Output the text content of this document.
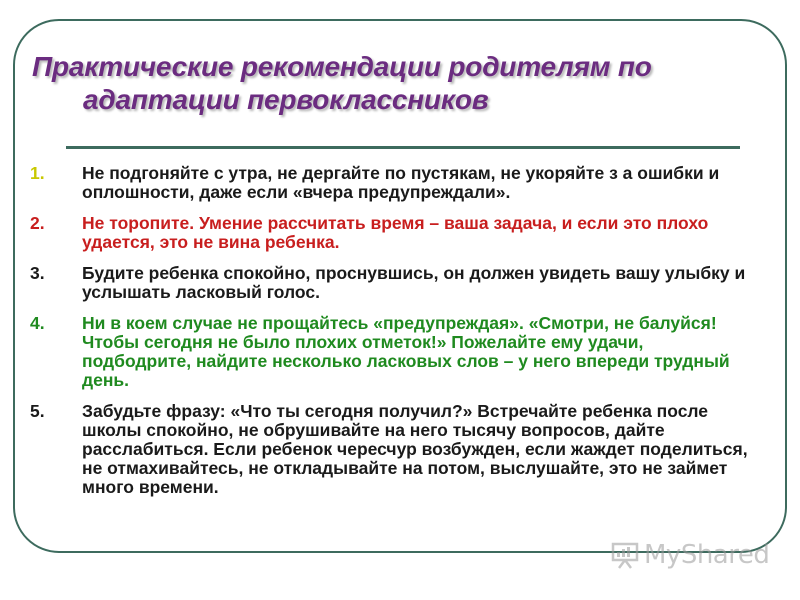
Практические рекомендации родителям по
адаптации первоклассников
1. Не подгоняйте с утра, не дергайте по пустякам, не укоряйте з а ошибки и оплошности, даже если «вчера предупреждали».
2. Не торопите. Умение рассчитать время – ваша задача, и если это плохо удается, это не вина ребенка.
3. Будите ребенка спокойно, проснувшись, он должен увидеть вашу улыбку и услышать ласковый голос.
4. Ни в коем случае не прощайтесь «предупреждая». «Смотри, не балуйся! Чтобы сегодня не было плохих отметок!» Пожелайте ему удачи, подбодрите, найдите несколько ласковых слов – у него впереди трудный день.
5. Забудьте фразу: «Что ты сегодня получил?» Встречайте ребенка после школы спокойно, не обрушивайте на него тысячу вопросов, дайте расслабиться. Если ребенок чересчур возбужден, если жаждет поделиться, не отмахивайтесь, не откладывайте на потом, выслушайте, это не займет много времени.
MyShared
